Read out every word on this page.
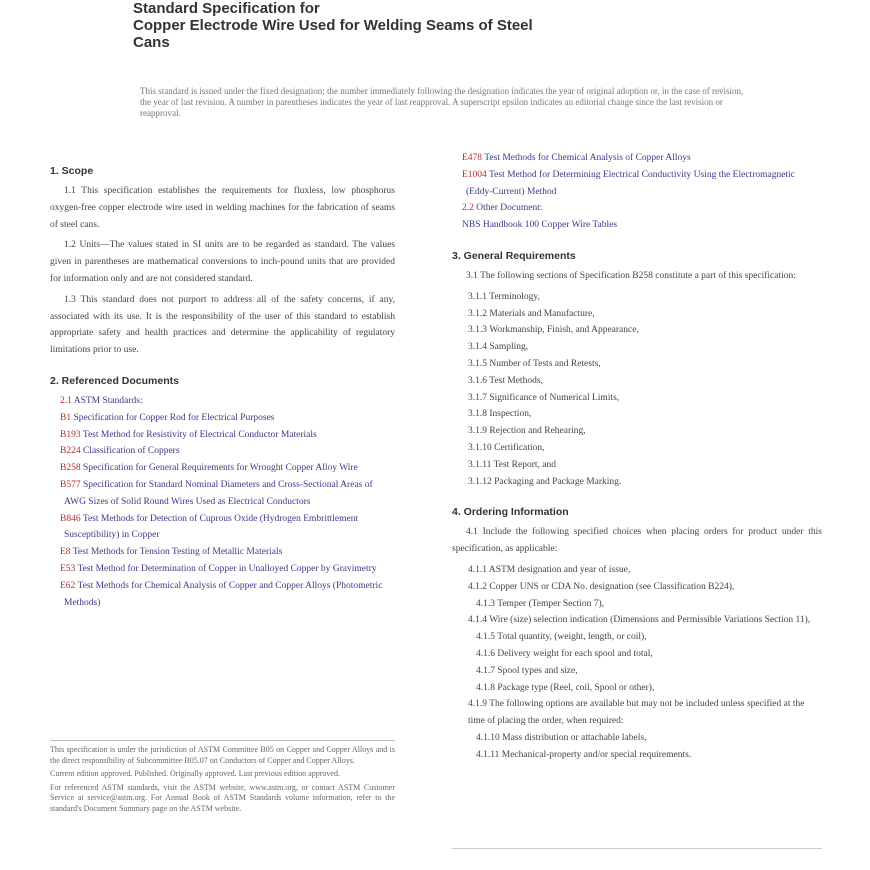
Standard Specification for
Copper Electrode Wire Used for Welding Seams of Steel
Cans
This standard is issued under the fixed designation; the number immediately following the designation indicates the year of original adoption or, in the case of revision, the year of last revision. A number in parentheses indicates the year of last reapproval. A superscript epsilon indicates an editorial change since the last revision or reapproval.
1. Scope
1.1 This specification establishes the requirements for fluxless, low phosphorus oxygen-free copper electrode wire used in welding machines for the fabrication of seams of steel cans.
1.2 Units—The values stated in SI units are to be regarded as standard. The values given in parentheses are mathematical conversions to inch-pound units that are provided for information only and are not considered standard.
1.3 This standard does not purport to address all of the safety concerns, if any, associated with its use. It is the responsibility of the user of this standard to establish appropriate safety and health practices and determine the applicability of regulatory limitations prior to use.
2. Referenced Documents
2.1 ASTM Standards:
B1 Specification for Copper Rod for Electrical Purposes
B193 Test Method for Resistivity of Electrical Conductor Materials
B224 Classification of Coppers
B258 Specification for General Requirements for Wrought Copper Alloy Wire
B577 Specification for Standard Nominal Diameters and Cross-Sectional Areas of AWG Sizes of Solid Round Wires Used as Electrical Conductors
B846 Test Methods for Detection of Cuprous Oxide (Hydrogen Embrittlement Susceptibility) in Copper
E8 Test Methods for Tension Testing of Metallic Materials
E53 Test Method for Determination of Copper in Unalloyed Copper by Gravimetry
E62 Test Methods for Chemical Analysis of Copper and Copper Alloys (Photometric Methods)
This specification is under the jurisdiction of ASTM Committee B05 on Copper and Copper Alloys and is the direct responsibility of Subcommittee B05.07 on Conductors of Copper and Copper Alloys.
Current edition approved. Published. Originally approved. Last previous edition approved.
For referenced ASTM standards, visit the ASTM website, www.astm.org, or contact ASTM Customer Service at service@astm.org. For Annual Book of ASTM Standards volume information, refer to the standard's Document Summary page on the ASTM website.
E478 Test Methods for Chemical Analysis of Copper Alloys
E1004 Test Method for Determining Electrical Conductivity Using the Electromagnetic (Eddy-Current) Method
2.2 Other Document:
NBS Handbook 100 Copper Wire Tables
3. General Requirements
3.1 The following sections of Specification B258 constitute a part of this specification:
3.1.1 Terminology,
3.1.2 Materials and Manufacture,
3.1.3 Workmanship, Finish, and Appearance,
3.1.4 Sampling,
3.1.5 Number of Tests and Retests,
3.1.6 Test Methods,
3.1.7 Significance of Numerical Limits,
3.1.8 Inspection,
3.1.9 Rejection and Rehearing,
3.1.10 Certification,
3.1.11 Test Report, and
3.1.12 Packaging and Package Marking.
4. Ordering Information
4.1 Include the following specified choices when placing orders for product under this specification, as applicable:
4.1.1 ASTM designation and year of issue,
4.1.2 Copper UNS or CDA No. designation (see Classification B224),
4.1.3 Temper (Temper Section 7),
4.1.4 Wire (size) selection indication (Dimensions and Permissible Variations Section 11),
4.1.5 Total quantity, (weight, length, or coil),
4.1.6 Delivery weight for each spool and total,
4.1.7 Spool types and size,
4.1.8 Package type (Reel, coil, Spool or other),
4.1.9 The following options are available but may not be included unless specified at the time of placing the order, when required:
4.1.10 Mass distribution or attachable labels,
4.1.11 Mechanical-property and/or special requirements.
